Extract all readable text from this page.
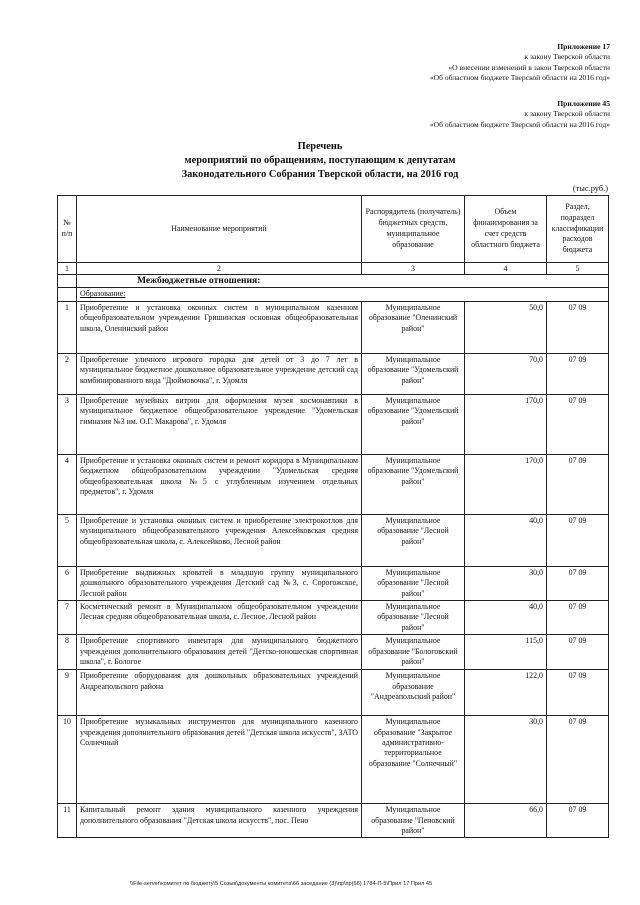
Приложение 17
к закону Тверской области
«О внесении изменений в закон Тверской области
«Об областном бюджете Тверской области на 2016 год»
Приложение 45
к закону Тверской области
«Об областном бюджете Тверской области на 2016 год»
Перечень
мероприятий по обращениям, поступающим к депутатам
Законодательного Собрания Тверской области, на 2016 год
(тыс.руб.)
№ п/п	Наименование мероприятий	Распорядитель (получатель) бюджетных средств, муниципальное образование	Объем финансирования за счет средств областного бюджета	Раздел, подраздел классификации расходов бюджета
1	2	3	4	5
	Межбюджетные отношения:			
	Образование:			
1	Приобретение и установка оконных систем в муниципальном казенном общеобразовательном учреждении Гришинская основная общеобразовательная школа, Оленинский район	Муниципальное образование "Оленинский район"	50,0	07 09
2	Приобретение уличного игрового городка для детей от 3 до 7 лет в муниципальное бюджетное дошкольное образовательное учреждение детский сад комбинированного вида "Дюймовочка", г. Удомля	Муниципальное образование "Удомельский район"	70,0	07 09
3	Приобретение музейных витрин для оформления музея космонавтики в муниципальное бюджетное общеобразовательное учреждение "Удомельская гимназия №3 им. О.Г. Макарова", г. Удомля	Муниципальное образование "Удомельский район"	170,0	07 09
4	Приобретение и установка оконных систем и ремонт коридора в Муниципальном бюджетном общеобразовательном учреждении "Удомельская средняя общеобразовательная школа №5 с углубленным изучением отдельных предметов", г. Удомля	Муниципальное образование "Удомельский район"	170,0	07 09
5	Приобретение и установка оконных систем и приобретение электрокотлов для муниципального общеобразовательного учреждения Алексейковская средняя общеобразовательная школа, с. Алексейково, Лесной район	Муниципальное образование "Лесной район"	40,0	07 09
6	Приобретение выдвижных кроватей в младшую группу муниципального дошкольного образовательного учреждения Детский сад №3, с. Сорогожское, Лесной район	Муниципальное образование "Лесной район"	30,0	07 09
7	Косметический ремонт в Муниципальном общеобразовательном учреждении Лесная средняя общеобразовательная школа, с. Лесное, Лесной район	Муниципальное образование "Лесной район"	40,0	07 09
8	Приобретение спортивного инвентаря для муниципального бюджетного учреждения дополнительного образования детей "Детско-юношеская спортивная школа", г. Бологое	Муниципальное образование "Бологовский район"	115,0	07 09
9	Приобретение оборудования для дошкольных образовательных учреждений Андреапольского района	Муниципальное образование "Андреапольский район"	122,0	07 09
10	Приобретение музыкальных инструментов для муниципального казенного учреждения дополнительного образования детей "Детская школа искусств", ЗАТО Солнечный	Муниципальное образование "Закрытое административно-территориальное образование "Солнечный"	30,0	07 09
11	Капитальный ремонт здания муниципального казенного учреждения дополнительного образования "Детская школа искусств", пос. Пено	Муниципальное образование "Пеновский район"	66,0	07 09
\\File-server\комитет по бюджету\5 Созыв\документы комитета\66 заседание (3)\пр\пр(66) 1784-П-5\Прил 17 Прил 45
